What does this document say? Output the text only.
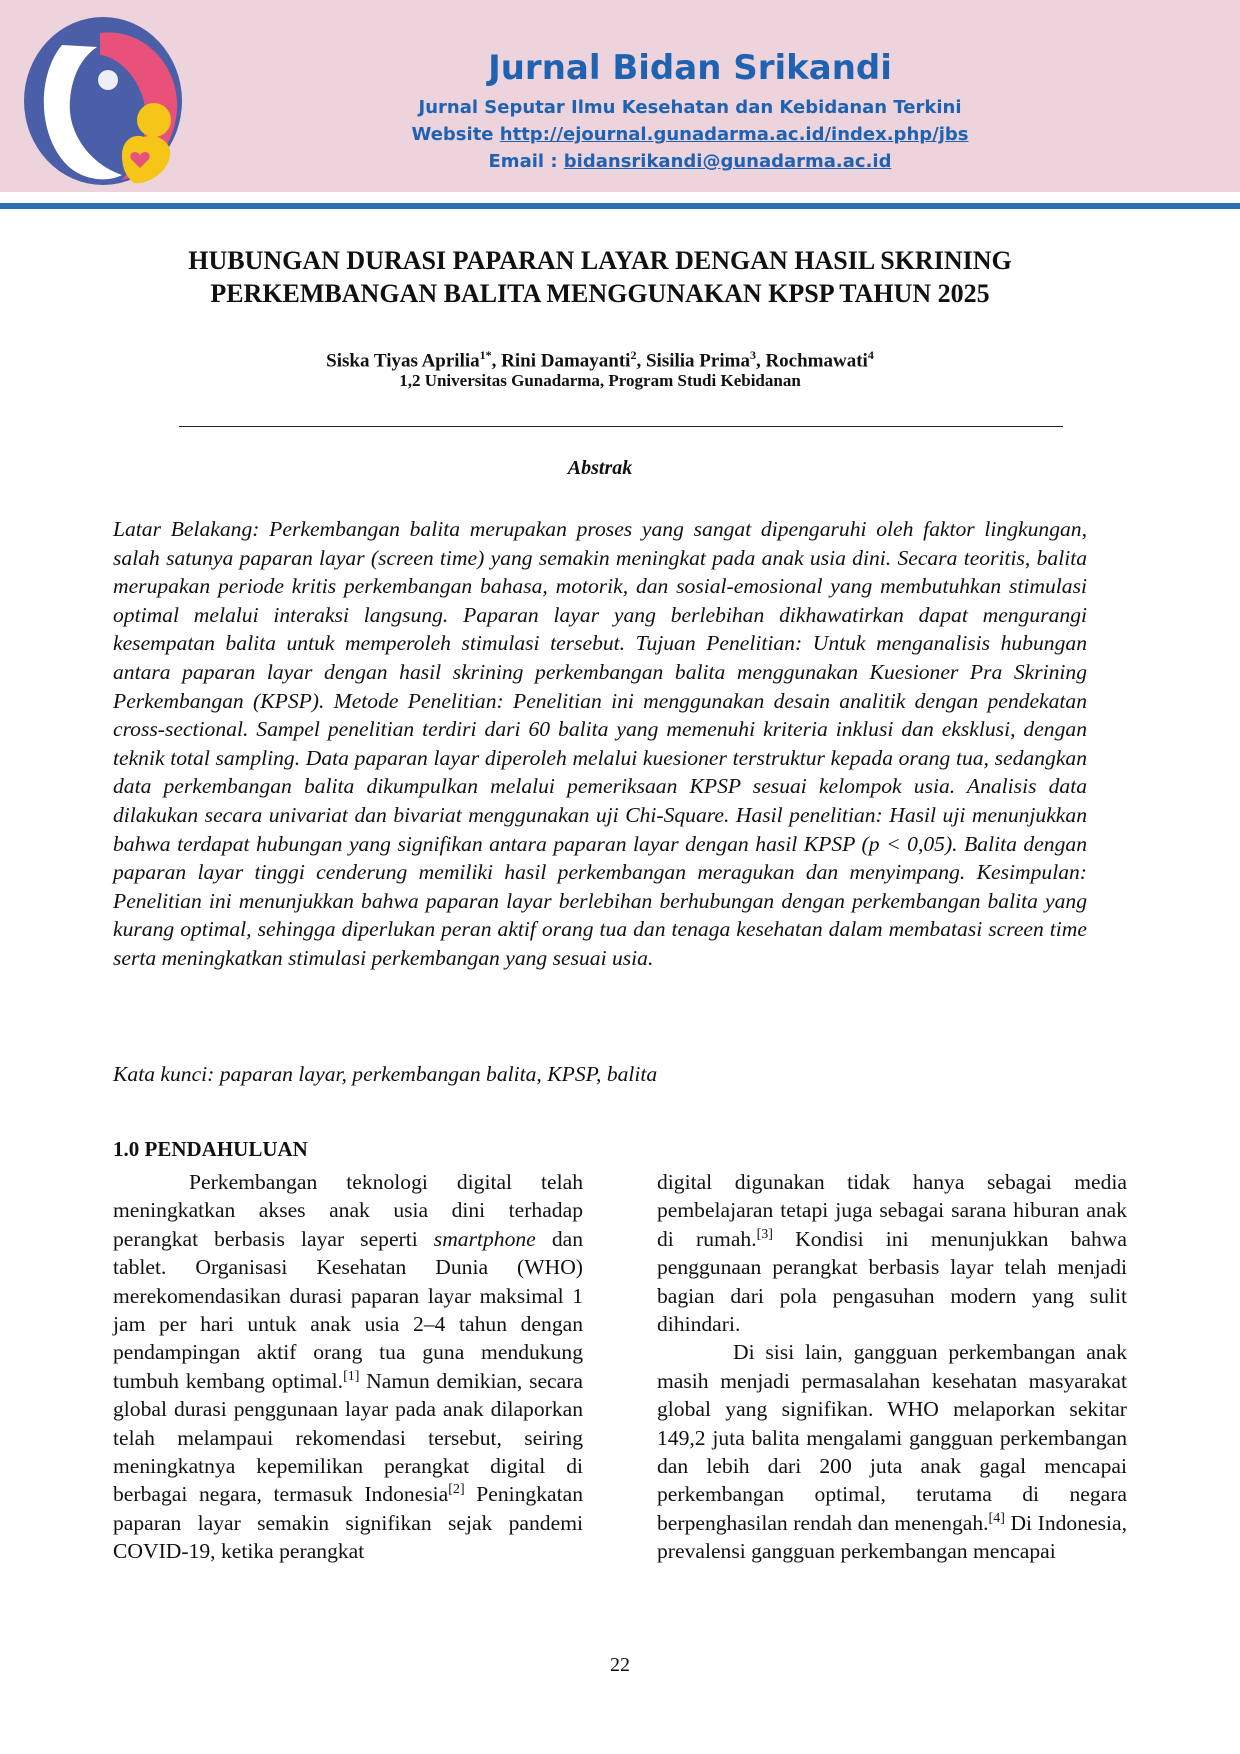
Jurnal Bidan Srikandi
Jurnal Seputar Ilmu Kesehatan dan Kebidanan Terkini
Website http://ejournal.gunadarma.ac.id/index.php/jbs
Email : bidansrikandi@gunadarma.ac.id
HUBUNGAN DURASI PAPARAN LAYAR DENGAN HASIL SKRINING
PERKEMBANGAN BALITA MENGGUNAKAN KPSP TAHUN 2025
Siska Tiyas Aprilia$^{1*}$, Rini Damayanti$^2$, Sisilia Prima$^3$, Rochmawati$^4$
1,2 Universitas Gunadarma, Program Studi Kebidanan
Abstrak
Latar Belakang: Perkembangan balita merupakan proses yang sangat dipengaruhi oleh faktor lingkungan, salah satunya paparan layar (screen time) yang semakin meningkat pada anak usia dini. Secara teoritis, balita merupakan periode kritis perkembangan bahasa, motorik, dan sosial-emosional yang membutuhkan stimulasi optimal melalui interaksi langsung. Paparan layar yang berlebihan dikhawatirkan dapat mengurangi kesempatan balita untuk memperoleh stimulasi tersebut. Tujuan Penelitian: Untuk menganalisis hubungan antara paparan layar dengan hasil skrining perkembangan balita menggunakan Kuesioner Pra Skrining Perkembangan (KPSP). Metode Penelitian: Penelitian ini menggunakan desain analitik dengan pendekatan cross-sectional. Sampel penelitian terdiri dari 60 balita yang memenuhi kriteria inklusi dan eksklusi, dengan teknik total sampling. Data paparan layar diperoleh melalui kuesioner terstruktur kepada orang tua, sedangkan data perkembangan balita dikumpulkan melalui pemeriksaan KPSP sesuai kelompok usia. Analisis data dilakukan secara univariat dan bivariat menggunakan uji Chi-Square. Hasil penelitian: Hasil uji menunjukkan bahwa terdapat hubungan yang signifikan antara paparan layar dengan hasil KPSP (p < 0,05). Balita dengan paparan layar tinggi cenderung memiliki hasil perkembangan meragukan dan menyimpang. Kesimpulan: Penelitian ini menunjukkan bahwa paparan layar berlebihan berhubungan dengan perkembangan balita yang kurang optimal, sehingga diperlukan peran aktif orang tua dan tenaga kesehatan dalam membatasi screen time serta meningkatkan stimulasi perkembangan yang sesuai usia.
Kata kunci: paparan layar, perkembangan balita, KPSP, balita
1.0 PENDAHULUAN

Perkembangan teknologi digital telah meningkatkan akses anak usia dini terhadap perangkat berbasis layar seperti smartphone dan tablet. Organisasi Kesehatan Dunia (WHO) merekomendasikan durasi paparan layar maksimal 1 jam per hari untuk anak usia 2–4 tahun dengan pendampingan aktif orang tua guna mendukung tumbuh kembang optimal.[1] Namun demikian, secara global durasi penggunaan layar pada anak dilaporkan telah melampaui rekomendasi tersebut, seiring meningkatnya kepemilikan perangkat digital di berbagai negara, termasuk Indonesia[2] Peningkatan paparan layar semakin signifikan sejak pandemi COVID-19, ketika perangkat

digital digunakan tidak hanya sebagai media pembelajaran tetapi juga sebagai sarana hiburan anak di rumah.[3] Kondisi ini menunjukkan bahwa penggunaan perangkat berbasis layar telah menjadi bagian dari pola pengasuhan modern yang sulit dihindari.

Di sisi lain, gangguan perkembangan anak masih menjadi permasalahan kesehatan masyarakat global yang signifikan. WHO melaporkan sekitar 149,2 juta balita mengalami gangguan perkembangan dan lebih dari 200 juta anak gagal mencapai perkembangan optimal, terutama di negara berpenghasilan rendah dan menengah.[4] Di Indonesia, prevalensi gangguan perkembangan mencapai

22
